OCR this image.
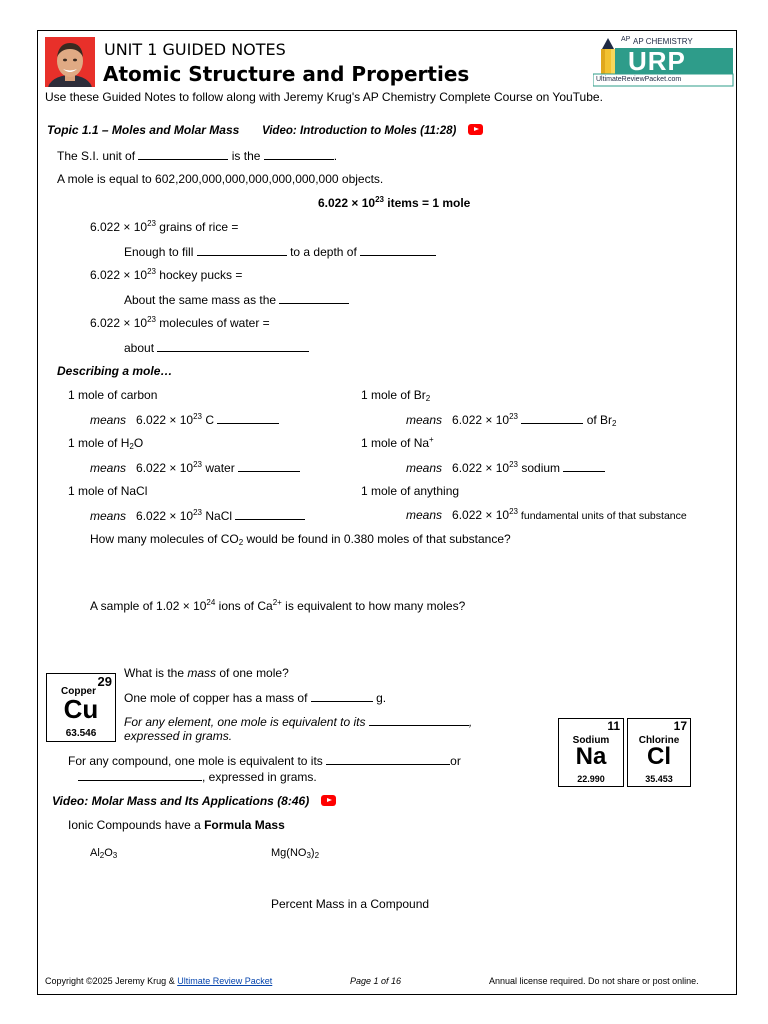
UNIT 1 GUIDED NOTES
Atomic Structure and Properties
AP AP CHEMISTRY
URP
UltimateReviewPacket.com
Use these Guided Notes to follow along with Jeremy Krug's AP Chemistry Complete Course on YouTube.
Topic 1.1 – Moles and Molar Mass Video: Introduction to Moles (11:28)
The S.I. unit of	is the	.
A mole is equal to 602,200,000,000,000,000,000,000 objects.
$6.022 \times 10^{23}$ items = 1 mole
$6.022 \times 10^{23}$ grains of rice =
Enough to fill	to a depth of
$6.022 \times 10^{23}$ hockey pucks =
About the same mass as the
$6.022 \times 10^{23}$ molecules of water =
about
Describing a mole…
1 mole of carbon	1 mole of $Br_2$
means $6.022 \times 10^{23}$ C	means $6.022 \times 10^{23}$	of $Br_2$
1 mole of $H_2O$	1 mole of Na+
means $6.022 \times 10^{23}$ water	means $6.022 \times 10^{23}$ sodium
1 mole of NaCl	1 mole of anything
means $6.022 \times 10^{23}$ NaCl	means $6.022 \times 10^{23}$ fundamental units of that substance
How many molecules of $CO_2$ would be found in 0.380 moles of that substance?
A sample of $1.02 \times 10^{24}$ ions of $Ca^{2+}$ is equivalent to how many moles?
29
Copper
Cu
63.546
What is the mass of one mole?
One mole of copper has a mass of	g.
For any element, one mole is equivalent to its	,
expressed in grams.
For any compound, one mole is equivalent to its	or
, expressed in grams.
11
Sodium
Na
22.990
17
Chlorine
Cl
35.453
Video: Molar Mass and Its Applications (8:46)
Ionic Compounds have a Formula Mass
$Al_2O_3$	$Mg(NO_3)_2$
Percent Mass in a Compound
Copyright ©2025 Jeremy Krug & Ultimate Review Packet	Page 1 of 16	Annual license required. Do not share or post online.
